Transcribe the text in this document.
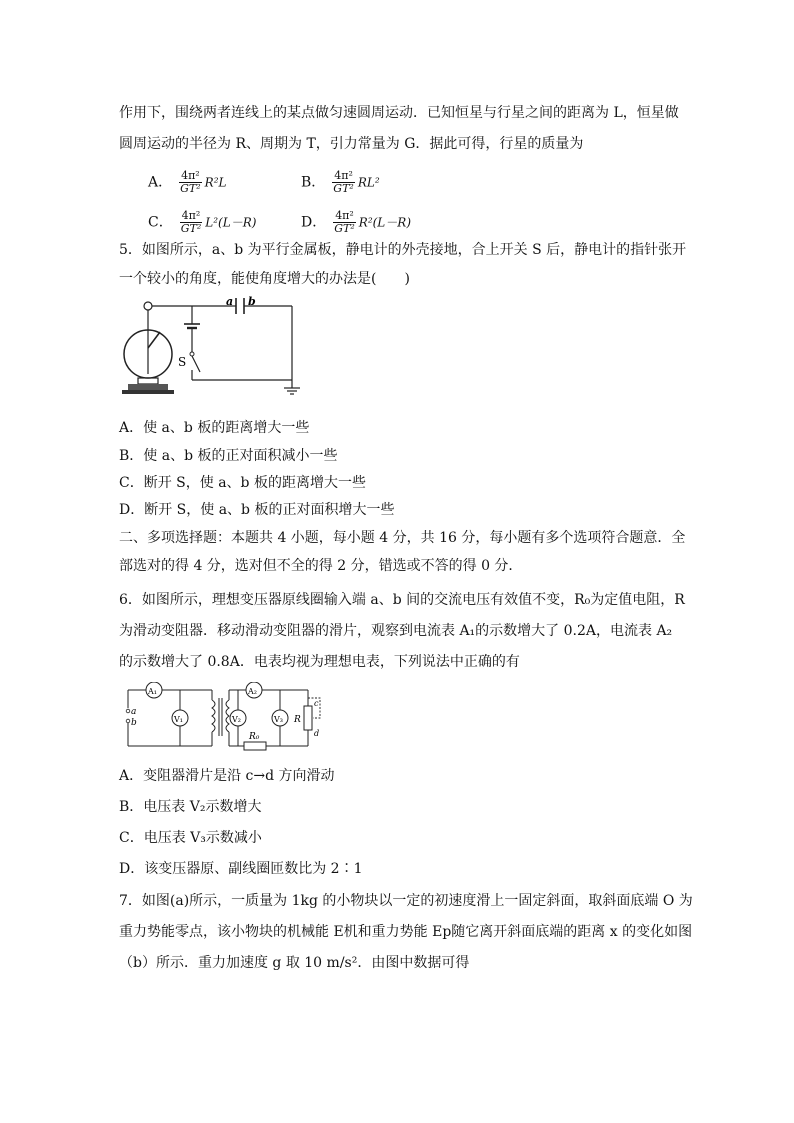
作用下，围绕两者连线上的某点做匀速圆周运动．已知恒星与行星之间的距离为 L，恒星做
圆周运动的半径为 R、周期为 T，引力常量为 G．据此可得，行星的质量为
A． $\frac{\text{4π²}}{\text{GT²}} R^2L$	B． $\frac{\text{4π²}}{\text{GT²}} RL^2$
C． $\frac{\text{4π²}}{\text{GT²}} L^2(L-R)$	D． $\frac{\text{4π²}}{\text{GT²}} R^2(L-R)$
5．如图所示，a、b 为平行金属板，静电计的外壳接地，合上开关 S 后，静电计的指针张开
一个较小的角度，能使角度增大的办法是(　　)
a b
S
A．使 a、b 板的距离增大一些
B．使 a、b 板的正对面积减小一些
C．断开 S，使 a、b 板的距离增大一些
D．断开 S，使 a、b 板的正对面积增大一些
二、多项选择题：本题共 4 小题，每小题 4 分，共 16 分，每小题有多个选项符合题意．全
部选对的得 4 分，选对但不全的得 2 分，错选或不答的得 0 分．
6．如图所示，理想变压器原线圈输入端 a、b 间的交流电压有效值不变，R₀为定值电阻，R
为滑动变阻器．移动滑动变阻器的滑片，观察到电流表 A₁的示数增大了 0.2A，电流表 A₂
的示数增大了 0.8A．电表均视为理想电表，下列说法中正确的有
A₁
a
b	V₁
A₂
V₂
R₀
V₃ R
c
d
A．变阻器滑片是沿 c→d 方向滑动
B．电压表 V₂示数增大
C．电压表 V₃示数减小
D．该变压器原、副线圈匝数比为 2∶1
7．如图(a)所示，一质量为 1kg 的小物块以一定的初速度滑上一固定斜面，取斜面底端 O 为
重力势能零点，该小物块的机械能 E机和重力势能 Ep随它离开斜面底端的距离 x 的变化如图
（b）所示．重力加速度 g 取 10 m/s²．由图中数据可得
